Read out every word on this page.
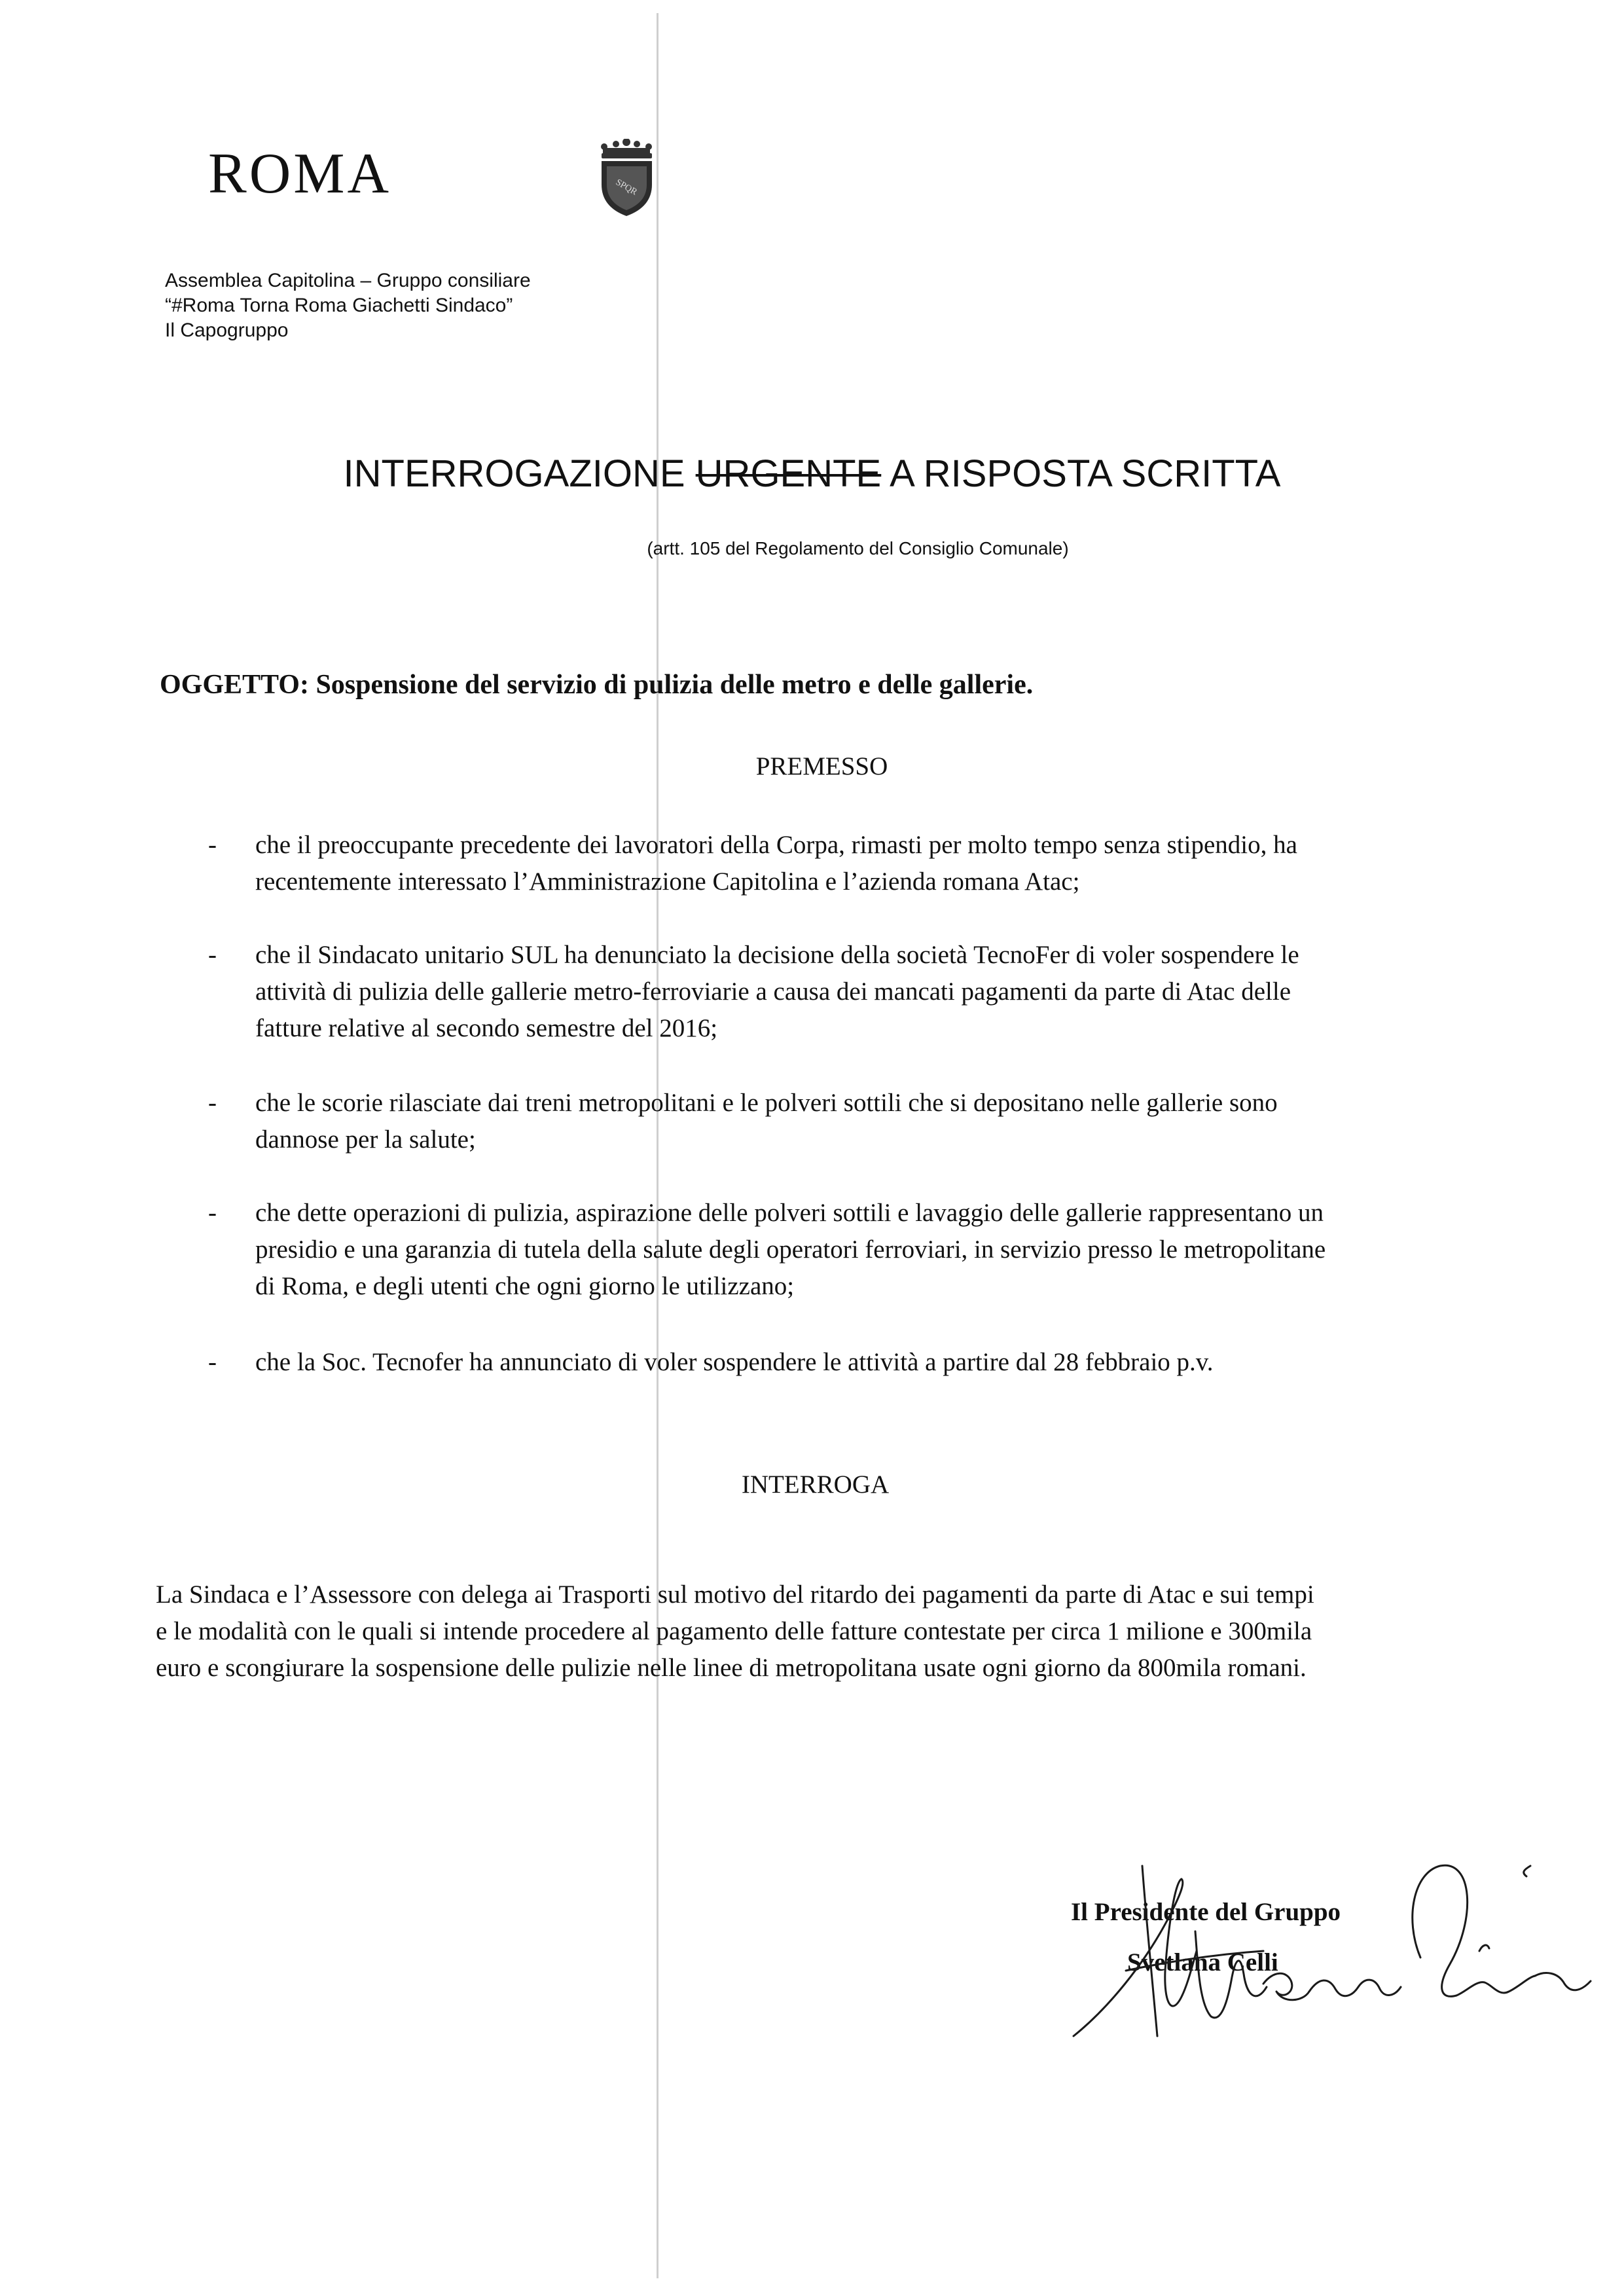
ROMA	SPQR
Assemblea Capitolina – Gruppo consiliare
“#Roma Torna Roma Giachetti Sindaco”
Il Capogruppo
INTERROGAZIONE URGENTE A RISPOSTA SCRITTA
(artt. 105 del Regolamento del Consiglio Comunale)
OGGETTO: Sospensione del servizio di pulizia delle metro e delle gallerie.
PREMESSO
- che il preoccupante precedente dei lavoratori della Corpa, rimasti per molto tempo senza stipendio, ha
recentemente interessato l’Amministrazione Capitolina e l’azienda romana Atac;
- che il Sindacato unitario SUL ha denunciato la decisione della società TecnoFer di voler sospendere le
attività di pulizia delle gallerie metro-ferroviarie a causa dei mancati pagamenti da parte di Atac delle
fatture relative al secondo semestre del 2016;
- che le scorie rilasciate dai treni metropolitani e le polveri sottili che si depositano nelle gallerie sono
dannose per la salute;
- che dette operazioni di pulizia, aspirazione delle polveri sottili e lavaggio delle gallerie rappresentano un
presidio e una garanzia di tutela della salute degli operatori ferroviari, in servizio presso le metropolitane
di Roma, e degli utenti che ogni giorno le utilizzano;
- che la Soc. Tecnofer ha annunciato di voler sospendere le attività a partire dal 28 febbraio p.v.
INTERROGA
La Sindaca e l’Assessore con delega ai Trasporti sul motivo del ritardo dei pagamenti da parte di Atac e sui tempi
e le modalità con le quali si intende procedere al pagamento delle fatture contestate per circa 1 milione e 300mila
euro e scongiurare la sospensione delle pulizie nelle linee di metropolitana usate ogni giorno da 800mila romani.
Il Presidente del Gruppo
Svetlana Celli
